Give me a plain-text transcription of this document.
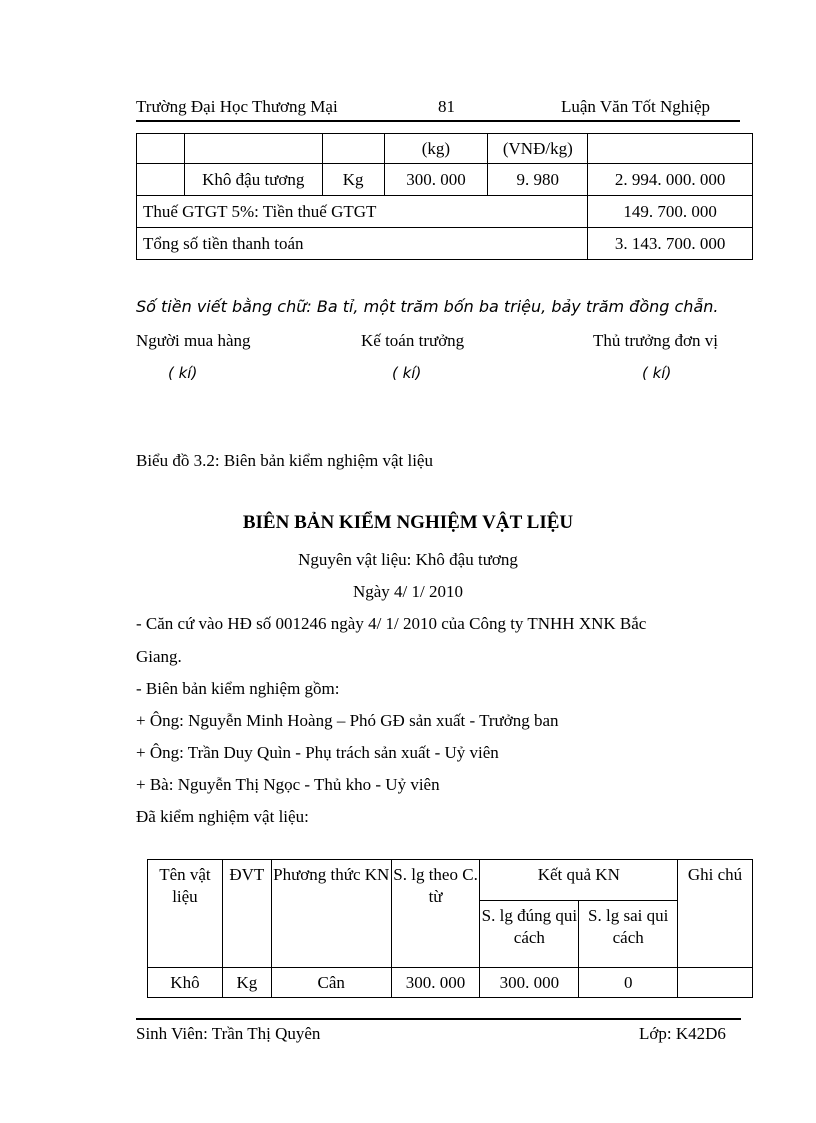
Trường Đại Học Thương Mại	81	Luận Văn Tốt Nghiệp
			(kg)	(VNĐ/kg)	
	Khô đậu tương	Kg	300. 000	9. 980	2. 994. 000. 000
Thuế GTGT 5%: Tiền thuế GTGT					149. 700. 000
Tổng số tiền thanh toán					3. 143. 700. 000
Số tiền viết bằng chữ: Ba tỉ, một trăm bốn ba triệu, bảy trăm đồng chẵn.
Người mua hàng	Kế toán trưởng	Thủ trưởng đơn vị
( kí)	( kí)	( kí)
Biểu đồ 3.2: Biên bản kiểm nghiệm vật liệu
BIÊN BẢN KIỂM NGHIỆM VẬT LIỆU
Nguyên vật liệu: Khô đậu tương
Ngày 4/ 1/ 2010
- Căn cứ vào HĐ số 001246 ngày 4/ 1/ 2010 của Công ty TNHH XNK Bắc
Giang.
- Biên bản kiểm nghiệm gồm:
+ Ông: Nguyễn Minh Hoàng – Phó GĐ sản xuất - Trưởng ban
+ Ông: Trần Duy Quìn - Phụ trách sản xuất - Uỷ viên
+ Bà: Nguyễn Thị Ngọc - Thủ kho - Uỷ viên
Đã kiểm nghiệm vật liệu:
Tên vật liệu	ĐVT	Phương thức KN	S. lg theo C. từ	Kết quả KN		Ghi chú
				S. lg đúng qui cách	S. lg sai qui cách	
Khô	Kg	Cân	300. 000	300. 000	0	
Sinh Viên: Trần Thị Quyên	Lớp: K42D6
